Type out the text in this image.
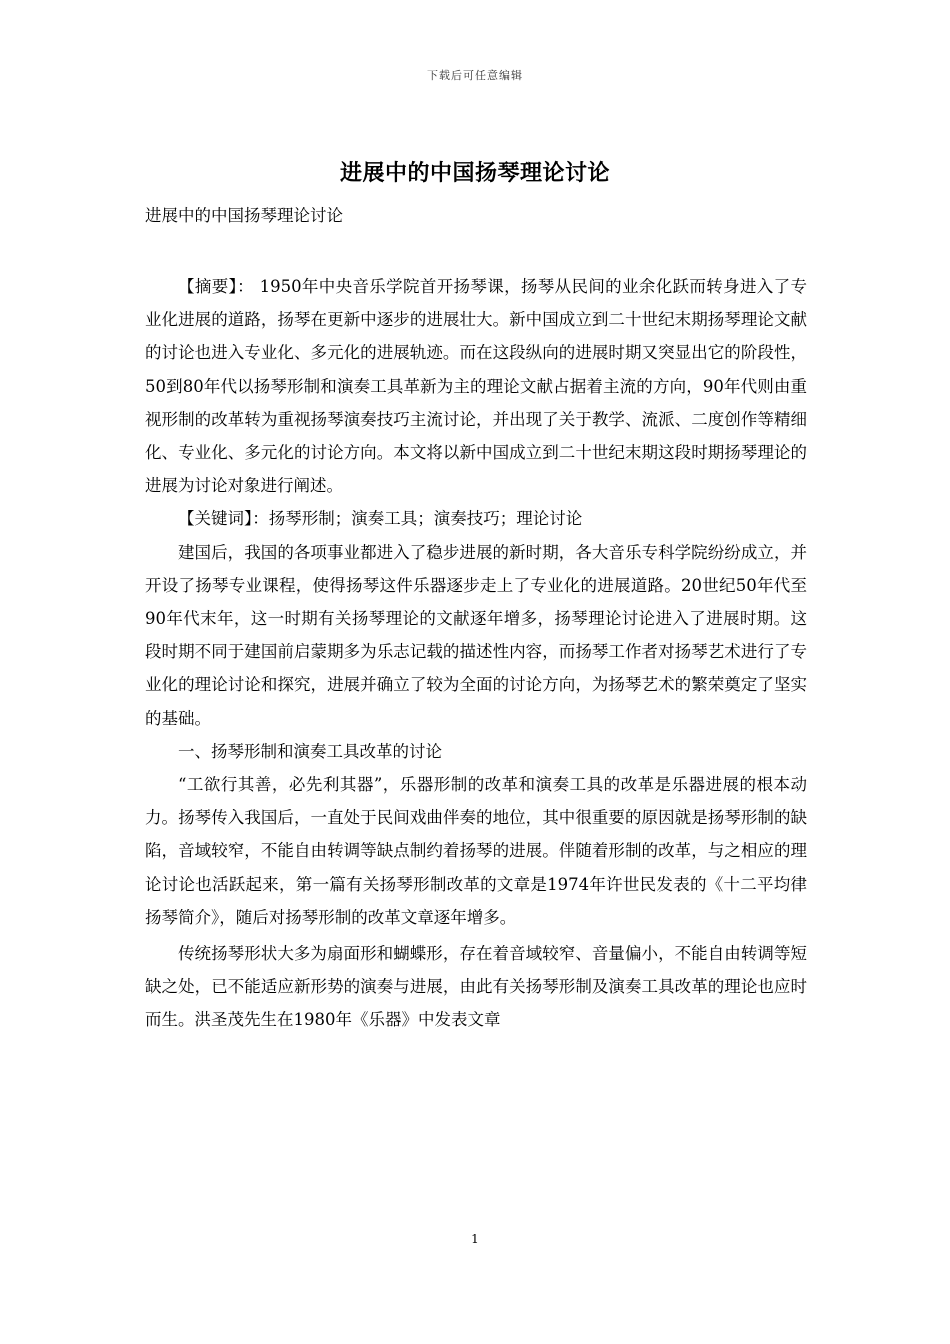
下载后可任意编辑
进展中的中国扬琴理论讨论
进展中的中国扬琴理论讨论

【摘要】： 1950年中央音乐学院首开扬琴课，扬琴从民间的业余化跃而转身进入了专业化进展的道路，扬琴在更新中逐步的进展壮大。新中国成立到二十世纪末期扬琴理论文献的讨论也进入专业化、多元化的进展轨迹。而在这段纵向的进展时期又突显出它的阶段性，50到80年代以扬琴形制和演奏工具革新为主的理论文献占据着主流的方向，90年代则由重视形制的改革转为重视扬琴演奏技巧主流讨论，并出现了关于教学、流派、二度创作等精细化、专业化、多元化的讨论方向。本文将以新中国成立到二十世纪末期这段时期扬琴理论的进展为讨论对象进行阐述。

【关键词】：扬琴形制；演奏工具；演奏技巧；理论讨论

建国后，我国的各项事业都进入了稳步进展的新时期，各大音乐专科学院纷纷成立，并开设了扬琴专业课程，使得扬琴这件乐器逐步走上了专业化的进展道路。20世纪50年代至90年代末年，这一时期有关扬琴理论的文献逐年增多，扬琴理论讨论进入了进展时期。这段时期不同于建国前启蒙期多为乐志记载的描述性内容，而扬琴工作者对扬琴艺术进行了专业化的理论讨论和探究，进展并确立了较为全面的讨论方向，为扬琴艺术的繁荣奠定了坚实的基础。

一、扬琴形制和演奏工具改革的讨论

“工欲行其善，必先利其器”，乐器形制的改革和演奏工具的改革是乐器进展的根本动力。扬琴传入我国后，一直处于民间戏曲伴奏的地位，其中很重要的原因就是扬琴形制的缺陷，音域较窄，不能自由转调等缺点制约着扬琴的进展。伴随着形制的改革，与之相应的理论讨论也活跃起来，第一篇有关扬琴形制改革的文章是1974年许世民发表的《十二平均律扬琴简介》，随后对扬琴形制的改革文章逐年增多。

传统扬琴形状大多为扇面形和蝴蝶形，存在着音域较窄、音量偏小，不能自由转调等短缺之处，已不能适应新形势的演奏与进展，由此有关扬琴形制及演奏工具改革的理论也应时而生。洪圣茂先生在1980年《乐器》中发表文章

1
